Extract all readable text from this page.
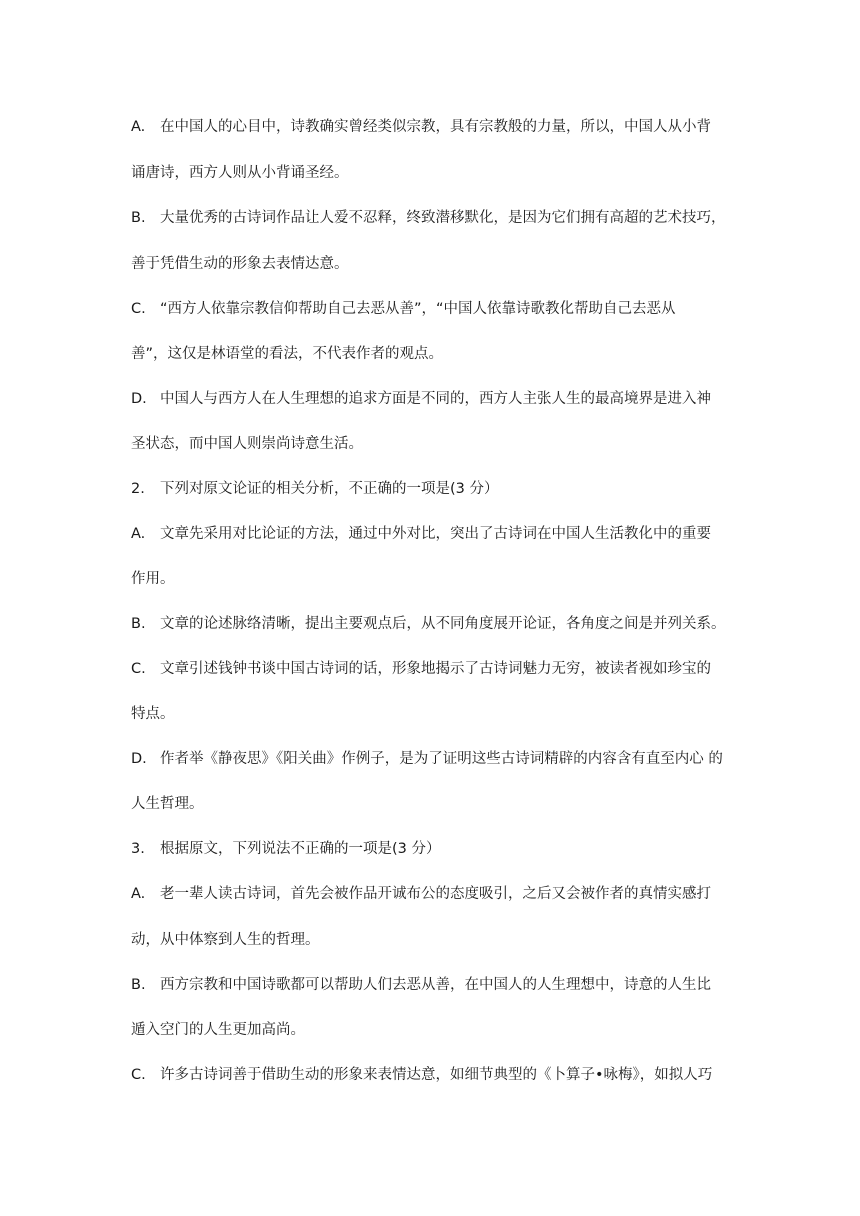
A. 在中国人的心目中，诗教确实曾经类似宗教，具有宗教般的力量，所以，中国人从小背
诵唐诗，西方人则从小背诵圣经。
B. 大量优秀的古诗词作品让人爱不忍释，终致潜移默化，是因为它们拥有高超的艺术技巧，
善于凭借生动的形象去表情达意。
C. “西方人依靠宗教信仰帮助自己去恶从善”，“中国人依靠诗歌教化帮助自己去恶从
善”，这仅是林语堂的看法，不代表作者的观点。
D. 中国人与西方人在人生理想的追求方面是不同的，西方人主张人生的最高境界是进入神
圣状态，而中国人则崇尚诗意生活。
2. 下列对原文论证的相关分析，不正确的一项是(3 分）
A. 文章先采用对比论证的方法，通过中外对比，突出了古诗词在中国人生活教化中的重要
作用。
B. 文章的论述脉络清晰，提出主要观点后，从不同角度展开论证，各角度之间是并列关系。
C. 文章引述钱钟书谈中国古诗词的话，形象地揭示了古诗词魅力无穷，被读者视如珍宝的
特点。
D. 作者举《静夜思》《阳关曲》作例子，是为了证明这些古诗词精辟的内容含有直至内心 的
人生哲理。
3. 根据原文，下列说法不正确的一项是(3 分）
A. 老一辈人读古诗词，首先会被作品开诚布公的态度吸引，之后又会被作者的真情实感打
动，从中体察到人生的哲理。
B. 西方宗教和中国诗歌都可以帮助人们去恶从善，在中国人的人生理想中，诗意的人生比
遁入空门的人生更加高尚。
C. 许多古诗词善于借助生动的形象来表情达意，如细节典型的《卜算子•咏梅》，如拟人巧
